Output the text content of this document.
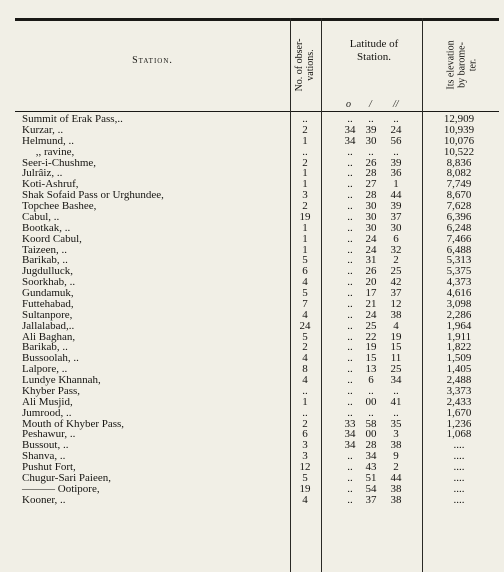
Station.
No. of obser-
vations.
Latitude of
Station.
Its elevation
by barome-
ter.
o / //
Summit of Erak Pass,..	..	..	..	..	12,909
Kurzar, ..	2	34 39	24	10,939
Helmund, ..	1	34 30	56	10,076
,, ravine,	..	..	..	..	10,522
Seer-i-Chushme,	2	..	26	39	8,836
Julrâiz, ..	1	..	28	36	8,082
Koti-Ashruf,	1	..	27	1	7,749
Shak Sofaid Pass or Urghundee,	3	..	28	44	8,670
Topchee Bashee,	2	..	30	39	7,628
Cabul, ..	19	..	30	37	6,396
Bootkak, ..	1	..	30	30	6,248
Koord Cabul,	1	..	24	6	7,466
Taizeen, ..	1	..	24	32	6,488
Barikab, ..	5	..	31	2	5,313
Jugdulluck,	6	..	26	25	5,375
Soorkhab, ..	4	..	20	42	4,373
Gundamuk,	5	..	17	37	4,616
Futtehabad,	7	..	21	12	3,098
Sultanpore,	4	..	24	38	2,286
Jallalabad,..	24	..	25	4	1,964
Ali Baghan,	5	..	22	19	1,911
Barikab, ..	2	..	19	15	1,822
Bussoolah, ..	4	..	15	11	1,509
Lalpore, ..	8	..	13	25	1,405
Lundye Khannah,	4	..	6	34	2,488
Khyber Pass,	..	..	..	..	3,373
Ali Musjid,	1	..	00	41	2,433
Jumrood, ..	..	..	..	..	1,670
Mouth of Khyber Pass,	2	33 58	35	1,236
Peshawur, ..	6	34 00	3	1,068
Bussout, ..	3	34 28	38	....
Shanva, ..	3	..	34	9	....
Pushut Fort,	12	..	43	2	....
Chugur-Sari Paieen,	5	..	51	44	....
——— Ootipore,	19	..	54	38	....
Kooner, ..	4	..	37	38	....
